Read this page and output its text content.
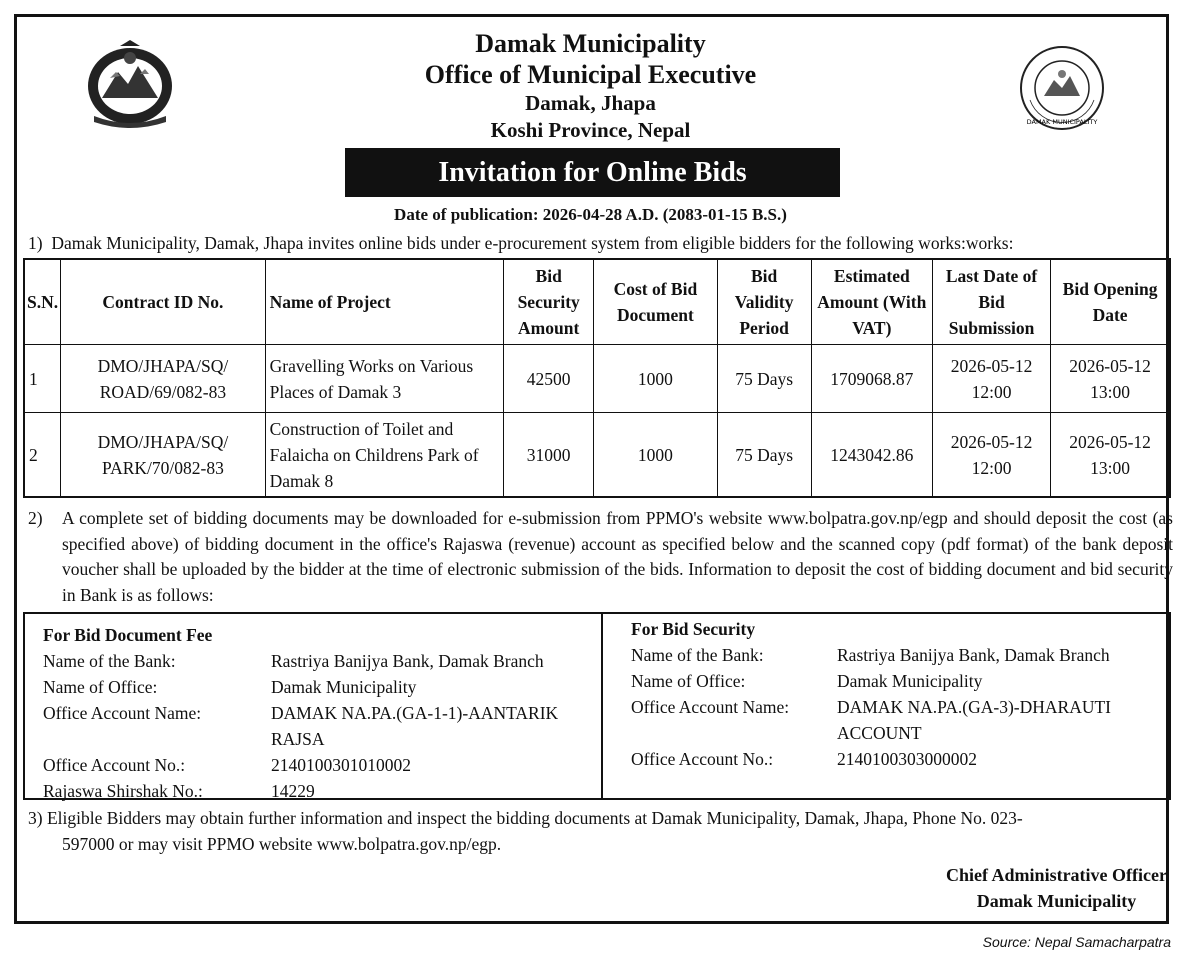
DAMAK MUNICIPALITY
Damak Municipality
Office of Municipal Executive
Damak, Jhapa
Koshi Province, Nepal
Invitation for Online Bids
Date of publication: 2026-04-28 A.D. (2083-01-15 B.S.)
1)  Damak Municipality, Damak, Jhapa invites online bids under e-procurement system from eligible bidders for the following works:works:
S.N.	Contract ID No.	Name of Project	Bid Security Amount	Cost of Bid Document	Bid Validity Period	Estimated Amount (With VAT)	Last Date of Bid Submission	Bid Opening Date
1	DMO/JHAPA/SQ/ ROAD/69/082-83	Gravelling Works on Various Places of Damak 3	42500	1000	75 Days	1709068.87	2026-05-12 12:00	2026-05-12 13:00
2	DMO/JHAPA/SQ/ PARK/70/082-83	Construction of Toilet and Falaicha on Childrens Park of Damak 8	31000	1000	75 Days	1243042.86	2026-05-12 12:00	2026-05-12 13:00
2) A complete set of bidding documents may be downloaded for e-submission from PPMO's website www.bolpatra.gov.np/egp and should deposit the cost (as specified above) of bidding document in the office's Rajaswa (revenue) account as specified below and the scanned copy (pdf format) of the bank deposit voucher shall be uploaded by the bidder at the time of electronic submission of the bids. Information to deposit the cost of bidding document and bid security in Bank is as follows:
For Bid Document Fee
Name of the Bank:	Rastriya Banijya Bank, Damak Branch
Name of Office:	Damak Municipality
Office Account Name:	DAMAK NA.PA.(GA-1-1)-AANTARIK RAJSA
Office Account No.:	2140100301010002
Rajaswa Shirshak No.:	14229
For Bid Security
Name of the Bank:	Rastriya Banijya Bank, Damak Branch
Name of Office:	Damak Municipality
Office Account Name:	DAMAK NA.PA.(GA-3)-DHARAUTI ACCOUNT
Office Account No.:	2140100303000002
3) Eligible Bidders may obtain further information and inspect the bidding documents at Damak Municipality, Damak, Jhapa, Phone No. 023-
597000 or may visit PPMO website www.bolpatra.gov.np/egp.
Chief Administrative Officer
Damak Municipality
Source: Nepal Samacharpatra
